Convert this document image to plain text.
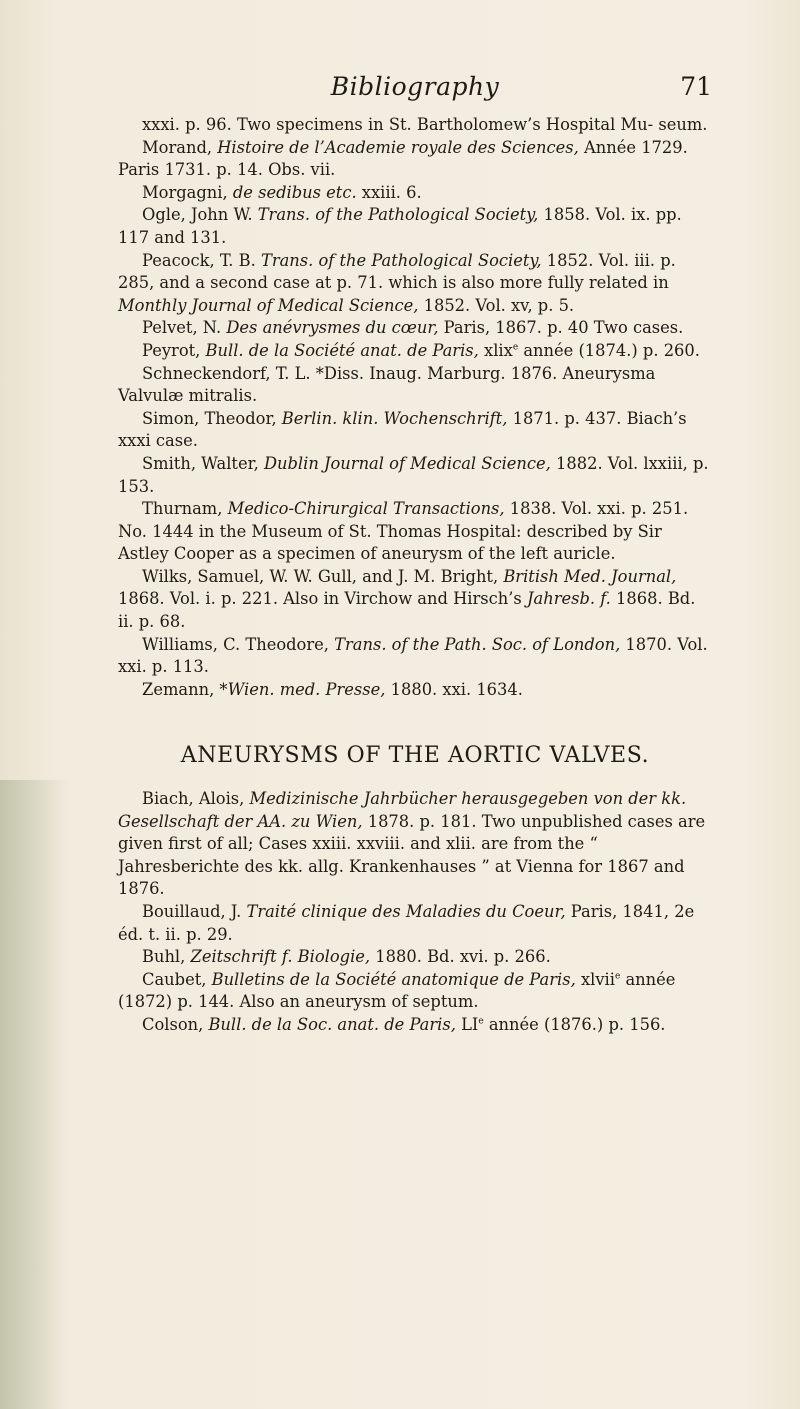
Bibliography	71

xxxi. p. 96. Two specimens in St. Bartholomew’s Hospital Mu- seum.

Morand, Histoire de l’Academie royale des Sciences, Année 1729. Paris 1731. p. 14. Obs. vii.

Morgagni, de sedibus etc. xxiii. 6.

Ogle, John W. Trans. of the Pathological Society, 1858. Vol. ix. pp. 117 and 131.

Peacock, T. B. Trans. of the Pathological Society, 1852. Vol. iii. p. 285, and a second case at p. 71. which is also more fully related in Monthly Journal of Medical Science, 1852. Vol. xv, p. 5.

Pelvet, N. Des anévrysmes du cœur, Paris, 1867. p. 40 Two cases.

Peyrot, Bull. de la Société anat. de Paris, xlix$^e$ année (1874.) p. 260.

Schneckendorf, T. L. *Diss. Inaug. Marburg. 1876. Aneurysma Valvulæ mitralis.

Simon, Theodor, Berlin. klin. Wochenschrift, 1871. p. 437. Biach’s xxxi case.

Smith, Walter, Dublin Journal of Medical Science, 1882. Vol. lxxiii, p. 153.

Thurnam, Medico-Chirurgical Transactions, 1838. Vol. xxi. p. 251. No. 1444 in the Museum of St. Thomas Hospital: described by Sir Astley Cooper as a specimen of aneurysm of the left auricle.

Wilks, Samuel, W. W. Gull, and J. M. Bright, British Med. Journal, 1868. Vol. i. p. 221. Also in Virchow and Hirsch’s Jahresb. f. 1868. Bd. ii. p. 68.

Williams, C. Theodore, Trans. of the Path. Soc. of London, 1870. Vol. xxi. p. 113.

Zemann, *Wien. med. Presse, 1880. xxi. 1634.

ANEURYSMS OF THE AORTIC VALVES.

Biach, Alois, Medizinische Jahrbücher herausgegeben von der kk. Gesellschaft der AA. zu Wien, 1878. p. 181. Two unpublished cases are given first of all; Cases xxiii. xxviii. and xlii. are from the “ Jahresberichte des kk. allg. Krankenhauses ” at Vienna for 1867 and 1876.

Bouillaud, J. Traité clinique des Maladies du Coeur, Paris, 1841, 2e éd. t. ii. p. 29.

Buhl, Zeitschrift f. Biologie, 1880. Bd. xvi. p. 266.

Caubet, Bulletins de la Société anatomique de Paris, xlvii$^e$ année (1872) p. 144. Also an aneurysm of septum.

Colson, Bull. de la Soc. anat. de Paris, LIe année (1876.) p. 156.
